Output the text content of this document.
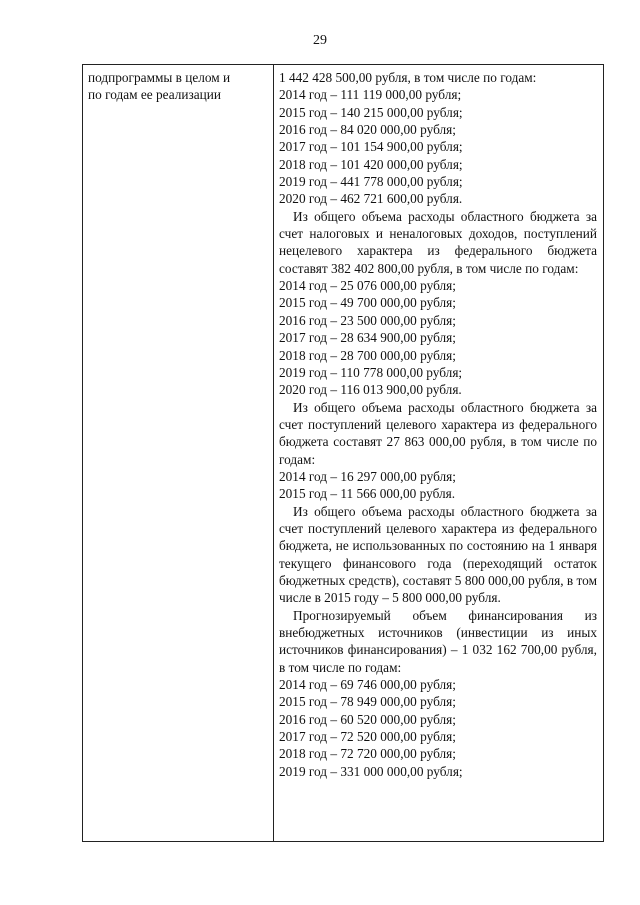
29
подпрограммы в целом и
по годам ее реализации
1 442 428 500,00 рубля, в том числе по годам:
2014 год – 111 119 000,00 рубля;
2015 год – 140 215 000,00 рубля;
2016 год – 84 020 000,00 рубля;
2017 год – 101 154 900,00 рубля;
2018 год – 101 420 000,00 рубля;
2019 год – 441 778 000,00 рубля;
2020 год – 462 721 600,00 рубля.

Из общего объема расходы областного бюджета за счет налоговых и неналоговых доходов, поступлений нецелевого характера из федерального бюджета составят 382 402 800,00 рубля, в том числе по годам:

2014 год – 25 076 000,00 рубля;
2015 год – 49 700 000,00 рубля;
2016 год – 23 500 000,00 рубля;
2017 год – 28 634 900,00 рубля;
2018 год – 28 700 000,00 рубля;
2019 год – 110 778 000,00 рубля;
2020 год – 116 013 900,00 рубля.

Из общего объема расходы областного бюджета за счет поступлений целевого характера из федерального бюджета составят 27 863 000,00 рубля, в том числе по годам:

2014 год – 16 297 000,00 рубля;
2015 год – 11 566 000,00 рубля.

Из общего объема расходы областного бюджета за счет поступлений целевого характера из федерального бюджета, не использованных по состоянию на 1 января текущего финансового года (переходящий остаток бюджетных средств), составят 5 800 000,00 рубля, в том числе в 2015 году – 5 800 000,00 рубля.

Прогнозируемый объем финансирования из внебюджетных источников (инвестиции из иных источников финансирования) – 1 032 162 700,00 рубля, в том числе по годам:

2014 год – 69 746 000,00 рубля;
2015 год – 78 949 000,00 рубля;
2016 год – 60 520 000,00 рубля;
2017 год – 72 520 000,00 рубля;
2018 год – 72 720 000,00 рубля;
2019 год – 331 000 000,00 рубля;
